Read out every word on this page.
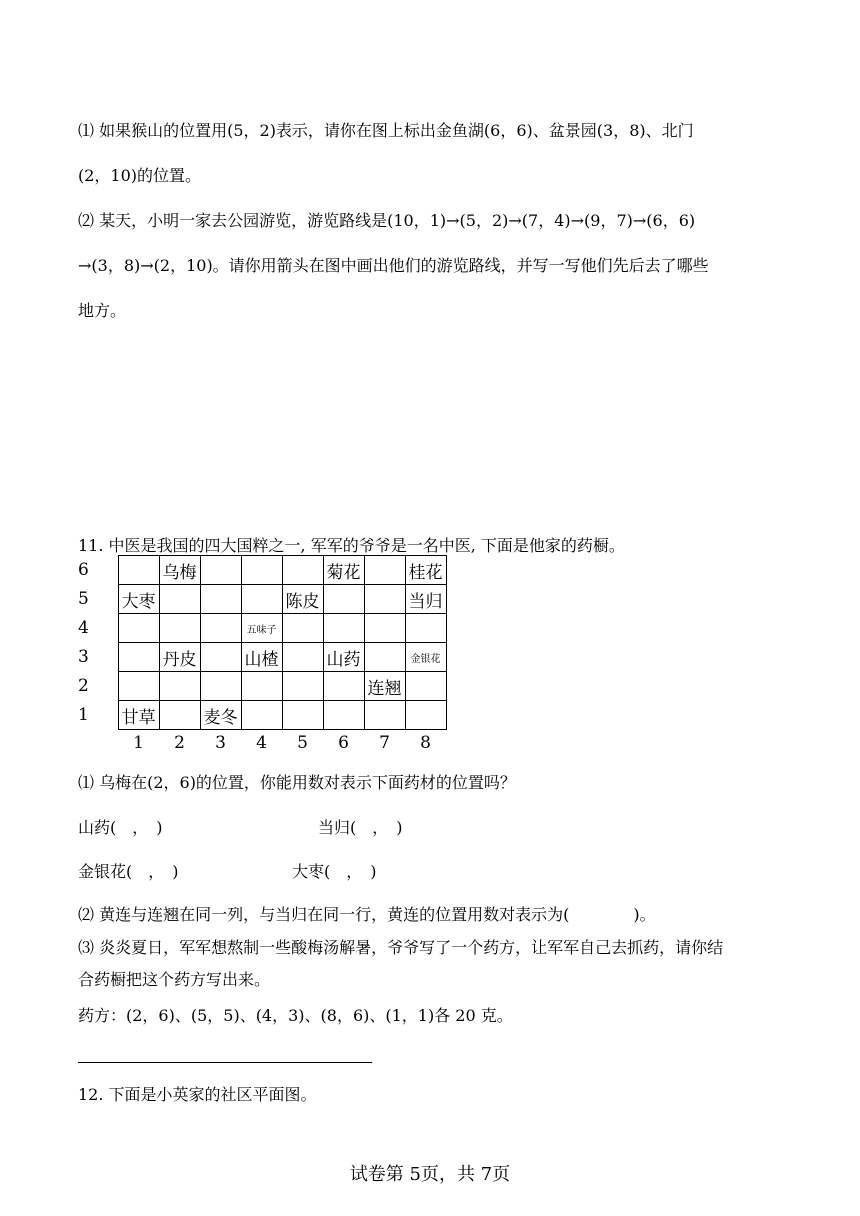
⑴ 如果猴山的位置用(5，2)表示，请你在图上标出金鱼湖(6，6)、盆景园(3，8)、北门
(2，10)的位置。
⑵ 某天，小明一家去公园游览，游览路线是(10，1)→(5，2)→(7，4)→(9，7)→(6，6)
→(3，8)→(2，10)。请你用箭头在图中画出他们的游览路线，并写一写他们先后去了哪些
地方。
11. 中医是我国的四大国粹之一, 军军的爷爷是一名中医, 下面是他家的药橱。
6		乌梅				菊花		桂花
5	大枣				陈皮			当归
4				五味子				
3		丹皮		山楂		山药		金银花
2							连翘	
1	甘草		麦冬					
	1	2	3	4	5	6	7	8
⑴ 乌梅在(2，6)的位置，你能用数对表示下面药材的位置吗？
山药(　，　)	当归(　，　)
金银花(　，　)	大枣(　，　)
⑵ 黄连与连翘在同一列，与当归在同一行，黄连的位置用数对表示为(　　　　)。
⑶ 炎炎夏日，军军想熬制一些酸梅汤解暑，爷爷写了一个药方，让军军自己去抓药，请你结
合药橱把这个药方写出来。
药方：(2，6)、(5，5)、(4，3)、(8，6)、(1，1)各 20 克。
12. 下面是小英家的社区平面图。
试卷第 5页，共 7页
